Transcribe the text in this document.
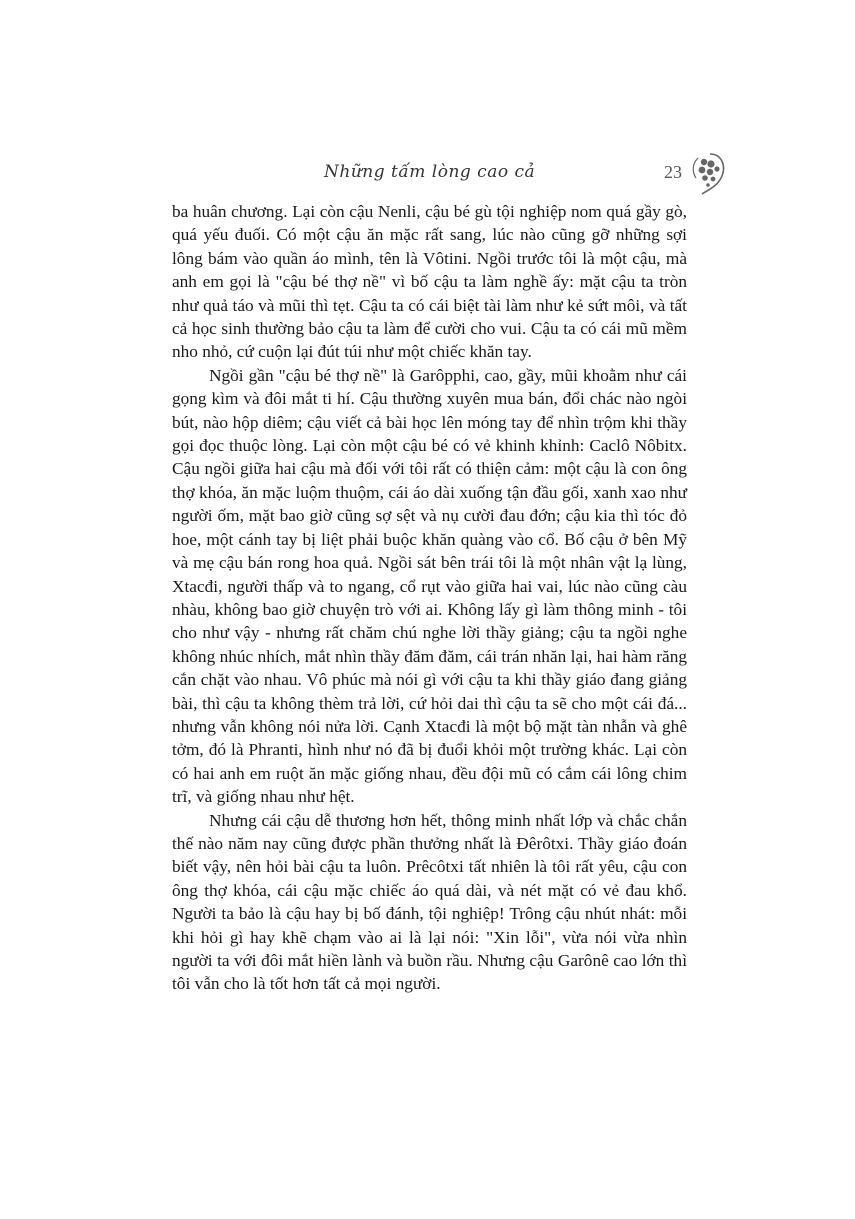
Những tấm lòng cao cả	23

ba huân chương. Lại còn cậu Nenli, cậu bé gù tội nghiệp nom quá gầy gò, quá yếu đuối. Có một cậu ăn mặc rất sang, lúc nào cũng gỡ những sợi lông bám vào quần áo mình, tên là Vôtini. Ngồi trước tôi là một cậu, mà anh em gọi là "cậu bé thợ nề" vì bố cậu ta làm nghề ấy: mặt cậu ta tròn như quả táo và mũi thì tẹt. Cậu ta có cái biệt tài làm như kẻ sứt môi, và tất cả học sinh thường bảo cậu ta làm để cười cho vui. Cậu ta có cái mũ mềm nho nhỏ, cứ cuộn lại đút túi như một chiếc khăn tay.

Ngồi gần "cậu bé thợ nề" là Garôpphi, cao, gầy, mũi khoằm như cái gọng kìm và đôi mắt ti hí. Cậu thường xuyên mua bán, đổi chác nào ngòi bút, nào hộp diêm; cậu viết cả bài học lên móng tay để nhìn trộm khi thầy gọi đọc thuộc lòng. Lại còn một cậu bé có vẻ khinh khỉnh: Caclô Nôbitx. Cậu ngồi giữa hai cậu mà đối với tôi rất có thiện cảm: một cậu là con ông thợ khóa, ăn mặc luộm thuộm, cái áo dài xuống tận đầu gối, xanh xao như người ốm, mặt bao giờ cũng sợ sệt và nụ cười đau đớn; cậu kia thì tóc đỏ hoe, một cánh tay bị liệt phải buộc khăn quàng vào cổ. Bố cậu ở bên Mỹ và mẹ cậu bán rong hoa quả. Ngồi sát bên trái tôi là một nhân vật lạ lùng, Xtacđi, người thấp và to ngang, cổ rụt vào giữa hai vai, lúc nào cũng càu nhàu, không bao giờ chuyện trò với ai. Không lấy gì làm thông minh - tôi cho như vậy - nhưng rất chăm chú nghe lời thầy giảng; cậu ta ngồi nghe không nhúc nhích, mắt nhìn thầy đăm đăm, cái trán nhăn lại, hai hàm răng cắn chặt vào nhau. Vô phúc mà nói gì với cậu ta khi thầy giáo đang giảng bài, thì cậu ta không thèm trả lời, cứ hỏi dai thì cậu ta sẽ cho một cái đá... nhưng vẫn không nói nửa lời. Cạnh Xtacđi là một bộ mặt tàn nhẫn và ghê tởm, đó là Phranti, hình như nó đã bị đuổi khỏi một trường khác. Lại còn có hai anh em ruột ăn mặc giống nhau, đều đội mũ có cắm cái lông chim trĩ, và giống nhau như hệt.

Nhưng cái cậu dễ thương hơn hết, thông minh nhất lớp và chắc chắn thế nào năm nay cũng được phần thưởng nhất là Đêrôtxi. Thầy giáo đoán biết vậy, nên hỏi bài cậu ta luôn. Prêcôtxi tất nhiên là tôi rất yêu, cậu con ông thợ khóa, cái cậu mặc chiếc áo quá dài, và nét mặt có vẻ đau khổ. Người ta bảo là cậu hay bị bố đánh, tội nghiệp! Trông cậu nhút nhát: mỗi khi hỏi gì hay khẽ chạm vào ai là lại nói: "Xin lỗi", vừa nói vừa nhìn người ta với đôi mắt hiền lành và buồn rầu. Nhưng cậu Garônê cao lớn thì tôi vẫn cho là tốt hơn tất cả mọi người.
